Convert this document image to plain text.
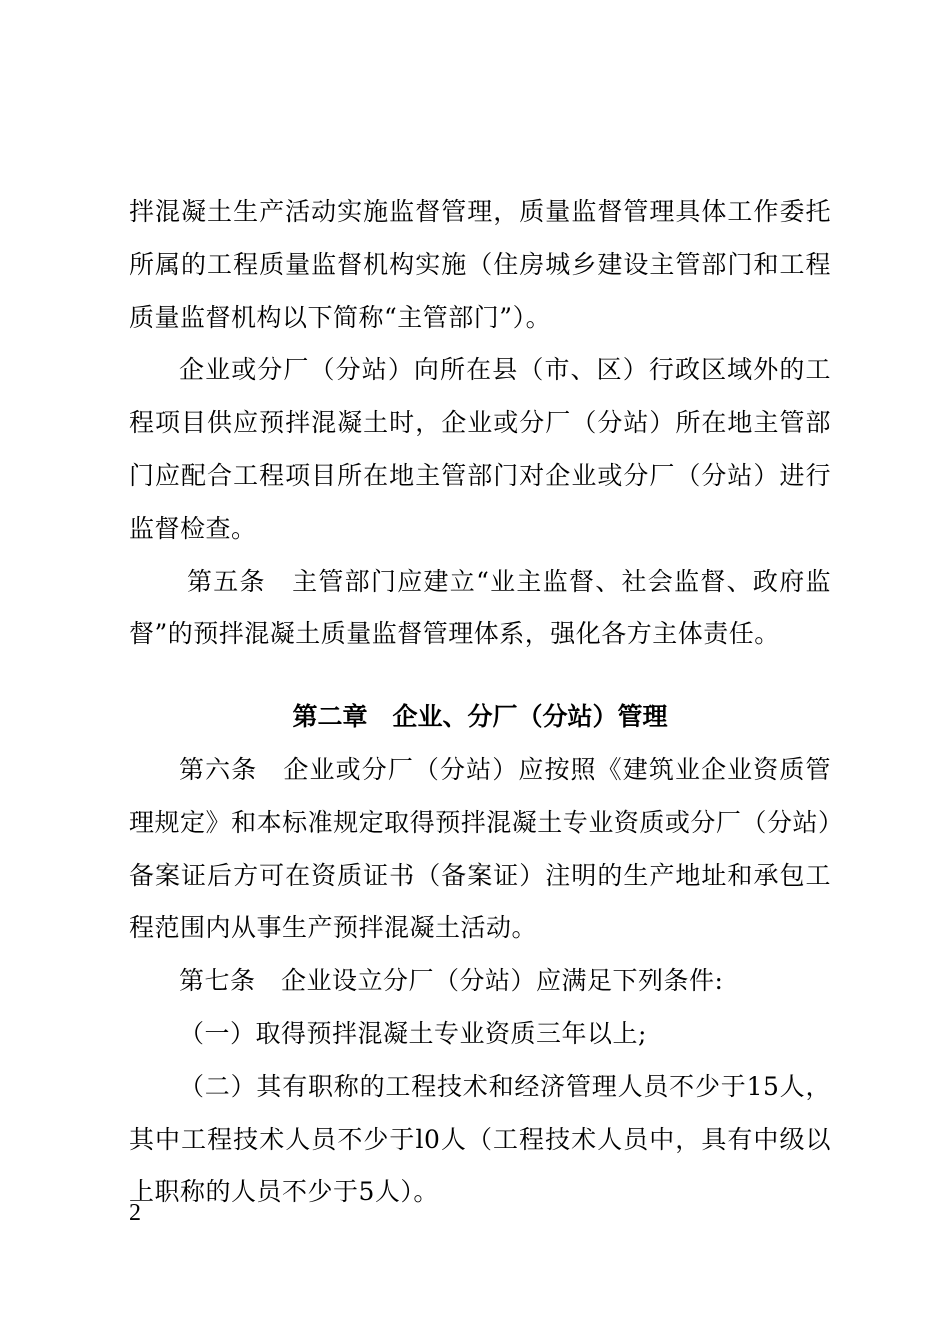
拌混凝土生产活动实施监督管理，质量监督管理具体工作委托所属的工程质量监督机构实施（住房城乡建设主管部门和工程质量监督机构以下简称“主管部门”）。

企业或分厂（分站）向所在县（市、区）行政区域外的工程项目供应预拌混凝土时，企业或分厂（分站）所在地主管部门应配合工程项目所在地主管部门对企业或分厂（分站）进行监督检查。

第五条　主管部门应建立“业主监督、社会监督、政府监督”的预拌混凝土质量监督管理体系，强化各方主体责任。

第二章　企业、分厂（分站）管理

第六条　企业或分厂（分站）应按照《建筑业企业资质管理规定》和本标准规定取得预拌混凝土专业资质或分厂（分站）备案证后方可在资质证书（备案证）注明的生产地址和承包工程范围内从事生产预拌混凝土活动。

第七条　企业设立分厂（分站）应满足下列条件:

（一）取得预拌混凝土专业资质三年以上;

（二）其有职称的工程技术和经济管理人员不少于15人，其中工程技术人员不少于l0人（工程技术人员中，具有中级以上职称的人员不少于5人）。

2
